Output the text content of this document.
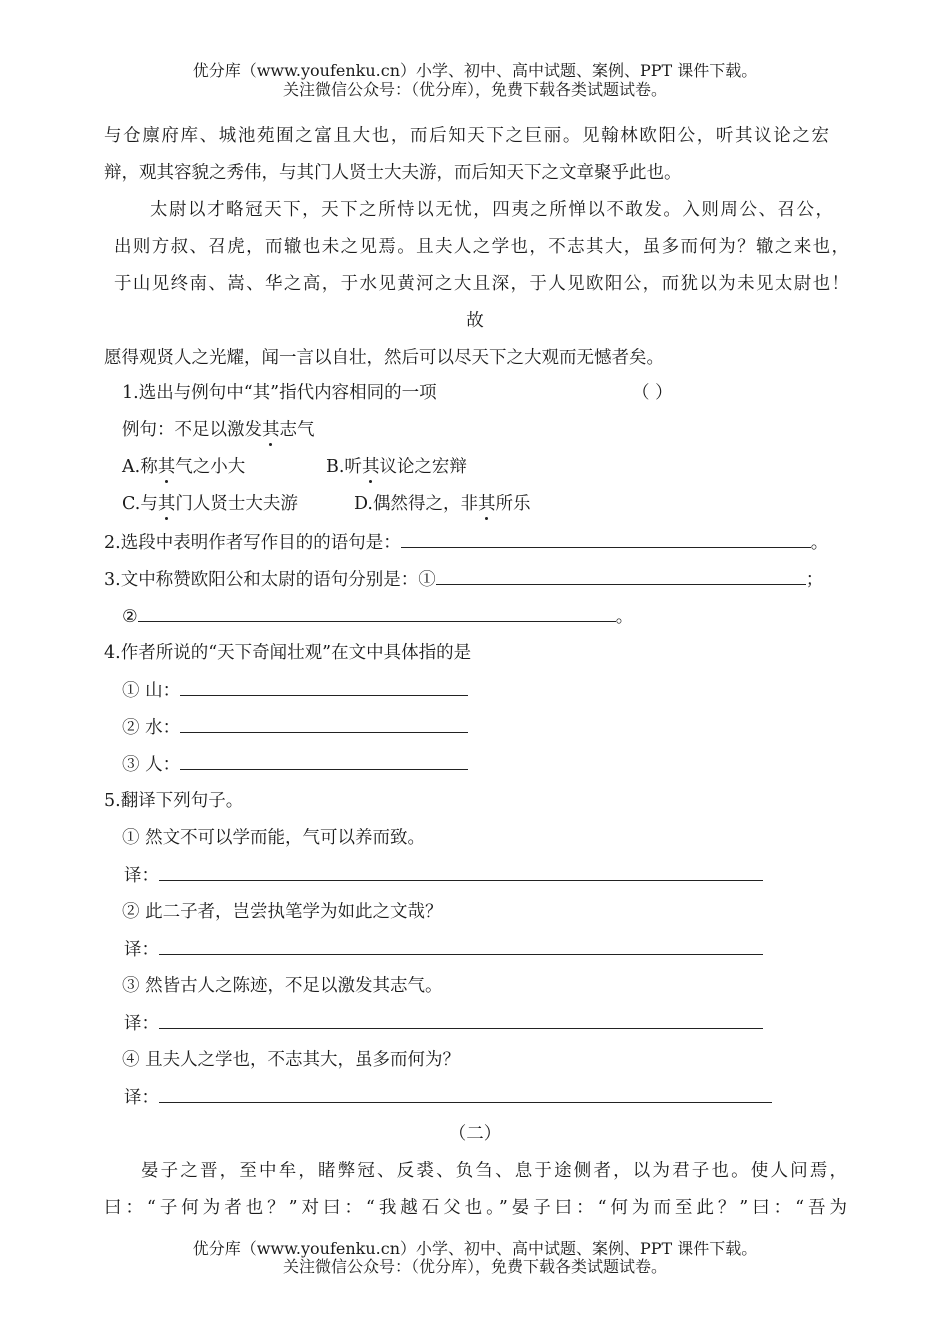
优分库（www.youfenku.cn）小学、初中、高中试题、案例、PPT 课件下载。
关注微信公众号：（优分库），免费下载各类试题试卷。
与仓廪府库、城池苑囿之富且大也，而后知天下之巨丽。见翰林欧阳公，听其议论之宏
辩，观其容貌之秀伟，与其门人贤士大夫游，而后知天下之文章聚乎此也。
太尉以才略冠天下，天下之所恃以无忧，四夷之所惮以不敢发。入则周公、召公，
出则方叔、召虎，而辙也未之见焉。且夫人之学也，不志其大，虽多而何为？辙之来也，
于山见终南、嵩、华之高，于水见黄河之大且深，于人见欧阳公，而犹以为未见太尉也！
故
愿得观贤人之光耀，闻一言以自壮，然后可以尽天下之大观而无憾者矣。
1.选出与例句中“其”指代内容相同的一项	（ ）
例句：不足以激发其志气
A.称其气之小大	B.听其议论之宏辩
C.与其门人贤士大夫游	D.偶然得之，非其所乐
2.选段中表明作者写作目的的语句是：	。
3.文中称赞欧阳公和太尉的语句分别是：①	；
②	。
4.作者所说的“天下奇闻壮观”在文中具体指的是
① 山：
② 水：
③ 人：
5.翻译下列句子。
① 然文不可以学而能，气可以养而致。
译：
② 此二子者，岂尝执笔学为如此之文哉？
译：
③ 然皆古人之陈迹，不足以激发其志气。
译：
④ 且夫人之学也，不志其大，虽多而何为？
译：
（二）
晏子之晋，至中牟，睹弊冠、反裘、负刍、息于途侧者，以为君子也。使人问焉，
曰：“子何为者也？”对曰：“我越石父也。”晏子曰：“何为而至此？”曰：“吾为
优分库（www.youfenku.cn）小学、初中、高中试题、案例、PPT 课件下载。
关注微信公众号：（优分库），免费下载各类试题试卷。
